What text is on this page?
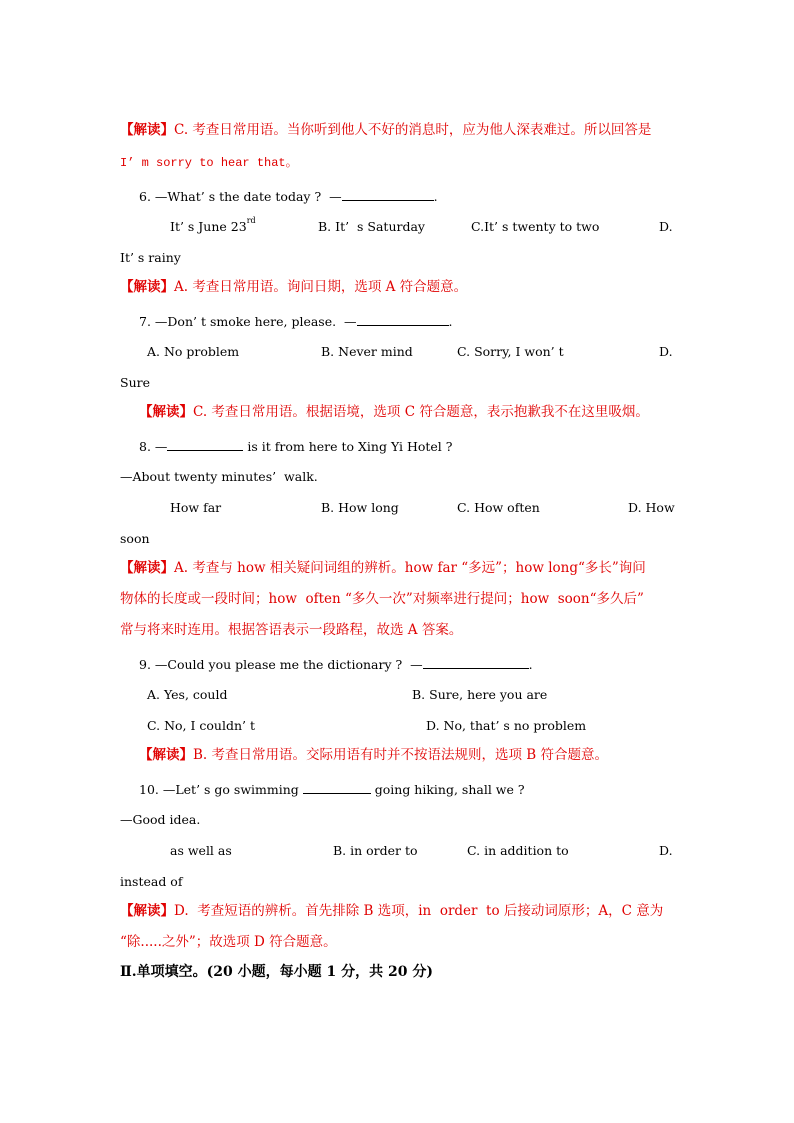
【解读】C. 考查日常用语。当你听到他人不好的消息时，应为他人深表难过。所以回答是
I’ m sorry to hear that。
6. —What’ s the date today ?  —	.
It’ s June 23rd	B. It’  s Saturday	C.It’ s twenty to two	D.
It’ s rainy
【解读】A. 考查日常用语。询问日期，选项 A 符合题意。
7. —Don’ t smoke here, please.  —	.
A. No problem	B. Never mind	C. Sorry, I won’ t	D.
Sure
【解读】C. 考查日常用语。根据语境，选项 C 符合题意，表示抱歉我不在这里吸烟。
8. —	is it from here to Xing Yi Hotel ?
—About twenty minutes’  walk.
How far	B. How long	C. How often	D. How
soon
【解读】A. 考查与 how 相关疑问词组的辨析。how far “多远”；how long“多长”询问
物体的长度或一段时间；how  often “多久一次”对频率进行提问；how  soon“多久后”
常与将来时连用。根据答语表示一段路程，故选 A 答案。
9. —Could you please me the dictionary ?  —	.
A. Yes, could	B. Sure, here you are
C. No, I couldn’ t	D. No, that’ s no problem
【解读】B. 考查日常用语。交际用语有时并不按语法规则，选项 B 符合题意。
10. —Let’ s go swimming	going hiking, shall we ?
—Good idea.
as well as	B. in order to	C. in addition to	D.
instead of
【解读】D.  考查短语的辨析。首先排除 B 选项，in  order  to 后接动词原形；A，C 意为
“除.....之外”；故选项 D 符合题意。
Ⅱ.单项填空。(20 小题，每小题 1 分，共 20 分)
